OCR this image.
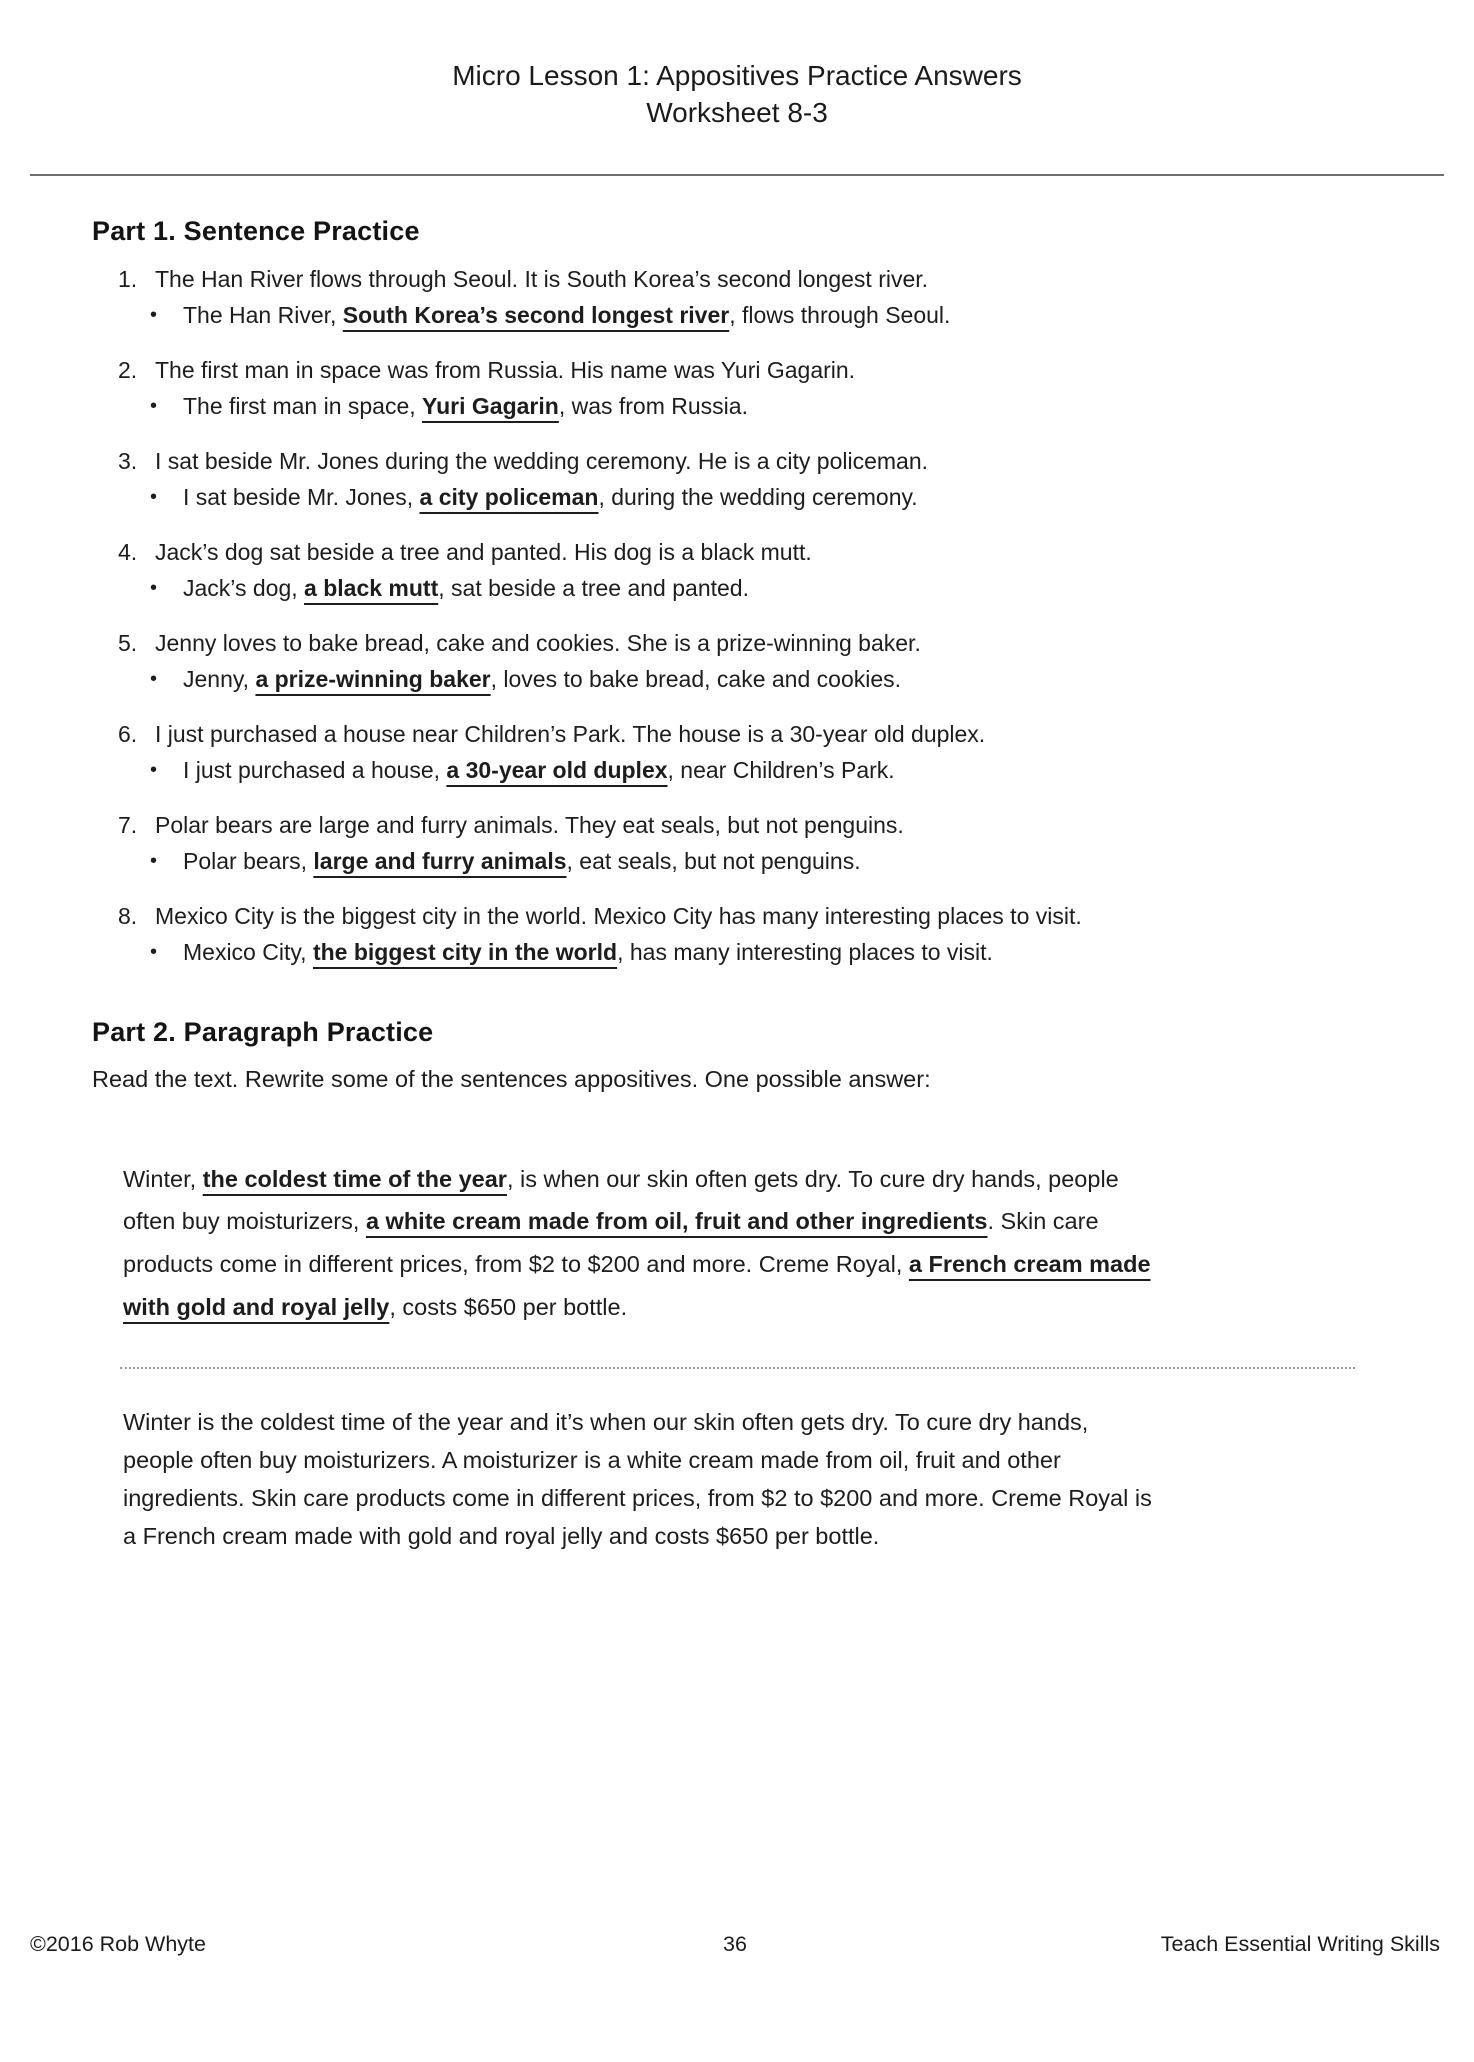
Micro Lesson 1: Appositives Practice Answers
Worksheet 8-3
Part 1. Sentence Practice
1. The Han River flows through Seoul. It is South Korea’s second longest river.
•	The Han River, South Korea’s second longest river, flows through Seoul.
2. The first man in space was from Russia. His name was Yuri Gagarin.
•	The first man in space, Yuri Gagarin, was from Russia.
3. I sat beside Mr. Jones during the wedding ceremony. He is a city policeman.
•	I sat beside Mr. Jones, a city policeman, during the wedding ceremony.
4. Jack’s dog sat beside a tree and panted. His dog is a black mutt.
•	Jack’s dog, a black mutt, sat beside a tree and panted.
5. Jenny loves to bake bread, cake and cookies. She is a prize-winning baker.
•	Jenny, a prize-winning baker, loves to bake bread, cake and cookies.
6. I just purchased a house near Children’s Park. The house is a 30-year old duplex.
•	I just purchased a house, a 30-year old duplex, near Children’s Park.
7. Polar bears are large and furry animals. They eat seals, but not penguins.
•	Polar bears, large and furry animals, eat seals, but not penguins.
8. Mexico City is the biggest city in the world. Mexico City has many interesting places to visit.
•	Mexico City, the biggest city in the world, has many interesting places to visit.
Part 2. Paragraph Practice

Read the text. Rewrite some of the sentences appositives. One possible answer:

Winter, the coldest time of the year, is when our skin often gets dry. To cure dry hands, people often buy moisturizers, a white cream made from oil, fruit and other ingredients. Skin care products come in different prices, from $2 to $200 and more. Creme Royal, a French cream made with gold and royal jelly, costs $650 per bottle.
Winter is the coldest time of the year and it’s when our skin often gets dry. To cure dry hands, people often buy moisturizers. A moisturizer is a white cream made from oil, fruit and other ingredients. Skin care products come in different prices, from $2 to $200 and more. Creme Royal is a French cream made with gold and royal jelly and costs $650 per bottle.
©2016 Rob Whyte	36	Teach Essential Writing Skills
